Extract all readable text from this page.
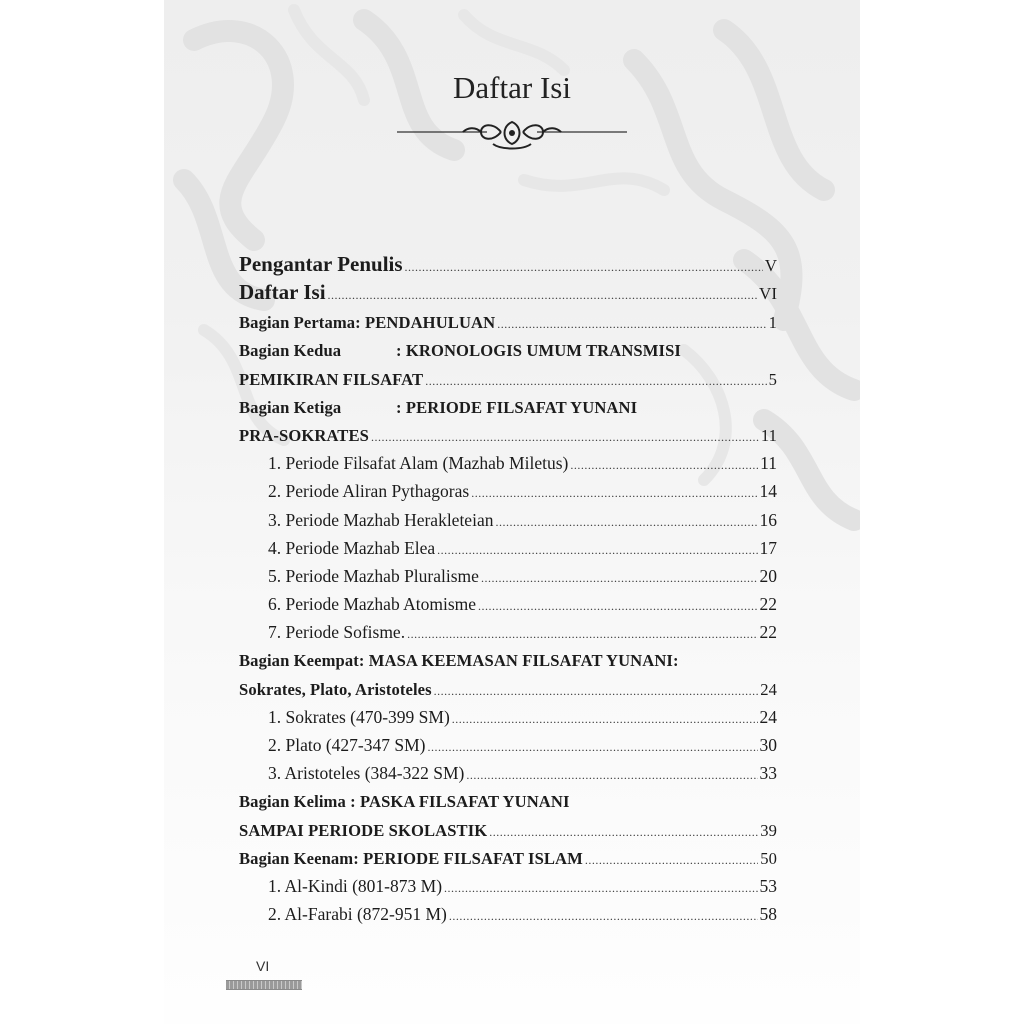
Daftar Isi
Pengantar Penulis .....	V
Daftar Isi .....	VI
Bagian Pertama : PENDAHULUAN .....	1
Bagian Kedua	: KRONOLOGIS UMUM TRANSMISI
PEMIKIRAN FILSAFAT .....	5
Bagian Ketiga	: PERIODE FILSAFAT YUNANI
PRA-SOKRATES .....	11
1. Periode Filsafat Alam (Mazhab Miletus) .....	11
2. Periode Aliran Pythagoras .....	14
3. Periode Mazhab Herakleteian .....	16
4. Periode Mazhab Elea .....	17
5. Periode Mazhab Pluralisme .....	20
6. Periode Mazhab Atomisme .....	22
7. Periode Sofisme. .....	22
Bagian Keempat: MASA KEEMASAN FILSAFAT YUNANI:
Sokrates, Plato, Aristoteles .....	24
1. Sokrates (470-399 SM) .....	24
2. Plato (427-347 SM) .....	30
3. Aristoteles (384-322 SM) .....	33
Bagian Kelima : PASKA FILSAFAT YUNANI
SAMPAI PERIODE SKOLASTIK .....	39
Bagian Keenam : PERIODE FILSAFAT ISLAM .....	50
1. Al-Kindi (801-873 M) .....	53
2. Al-Farabi (872-951 M) .....	58
VI
